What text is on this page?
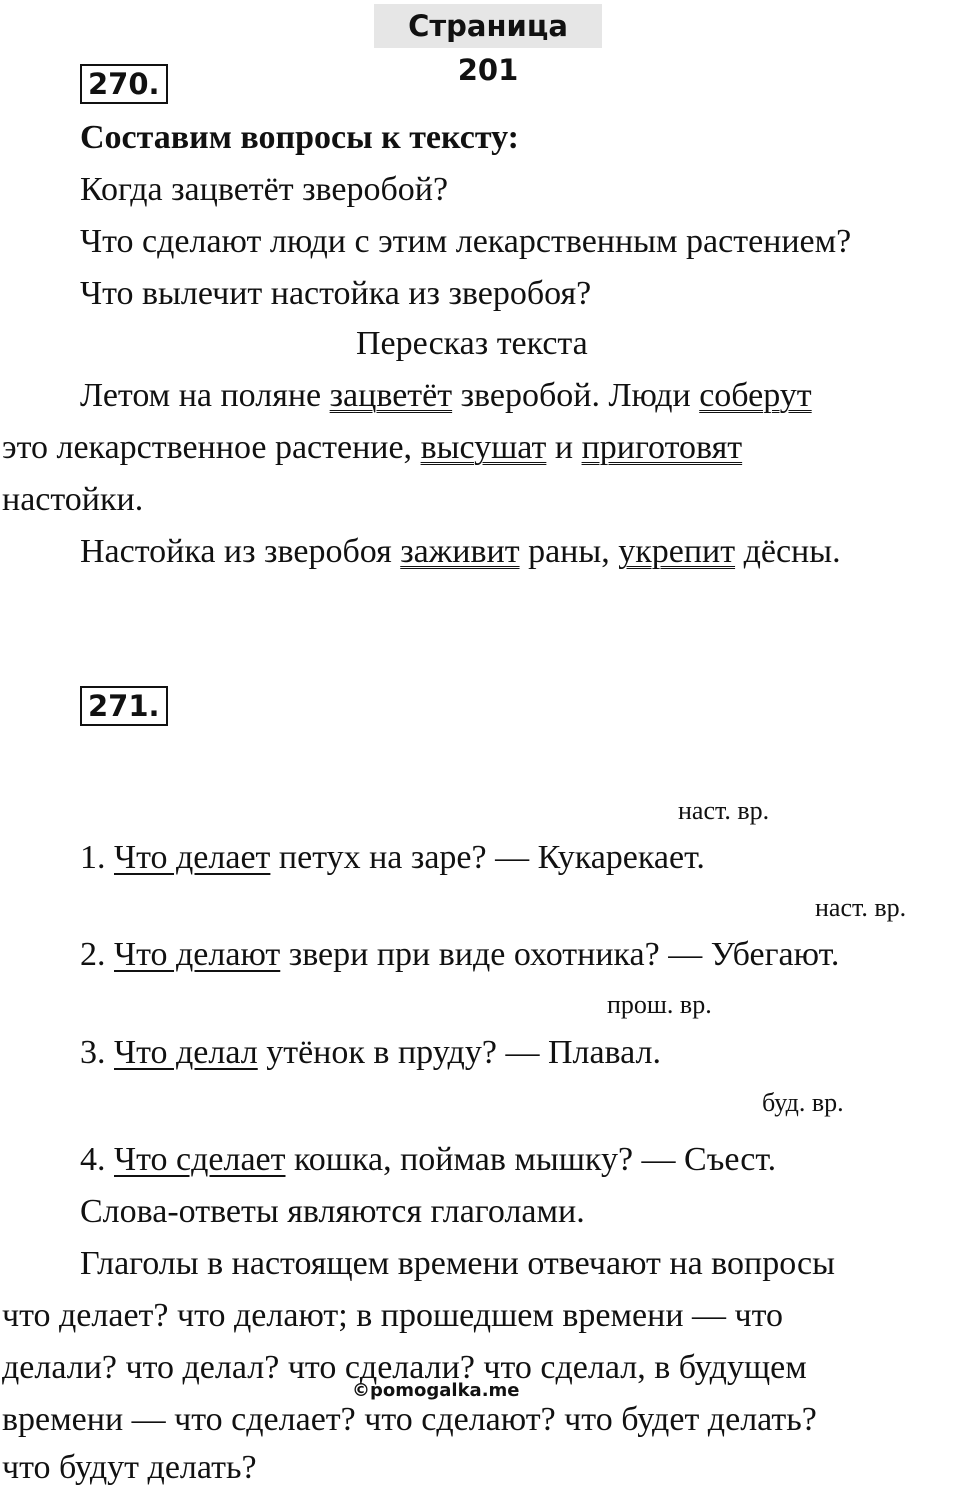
Страница 201
270.
Составим вопросы к тексту:
Когда зацветёт зверобой?
Что сделают люди с этим лекарственным растением?
Что вылечит настойка из зверобоя?
Пересказ текста
Летом на поляне зацветёт зверобой. Люди соберут
это лекарственное растение, высушат и приготовят
настойки.
Настойка из зверобоя заживит раны, укрепит дёсны.
271.
наст. вр.
1. Что делает петух на заре? — Кукарекает.
наст. вр.
2. Что делают звери при виде охотника? — Убегают.
прош. вр.
3. Что делал утёнок в пруду? — Плавал.
буд. вр.
4. Что сделает кошка, поймав мышку? — Съест.
Слова-ответы являются глаголами.
Глаголы в настоящем времени отвечают на вопросы
что делает? что делают; в прошедшем времени — что
делали? что делал? что сделали? что сделал, в будущем
времени — что сделает? что сделают? что будет делать?
что будут делать?
©pomogalka.me
